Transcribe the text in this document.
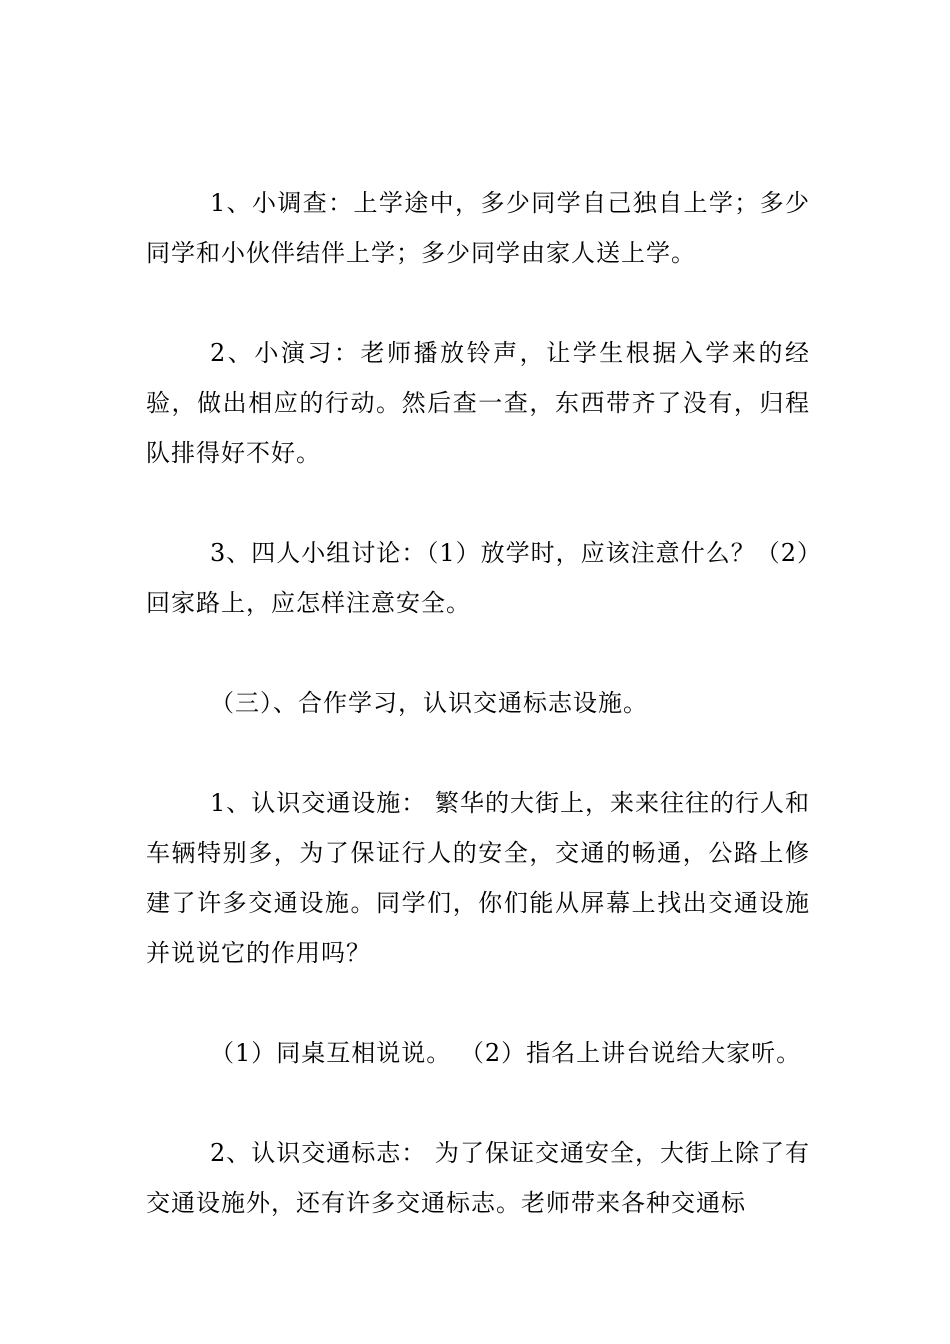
1、小调查：上学途中，多少同学自己独自上学；多少同学和小伙伴结伴上学；多少同学由家人送上学。

2、小演习：老师播放铃声，让学生根据入学来的经验，做出相应的行动。然后查一查，东西带齐了没有，归程队排得好不好。

3、四人小组讨论：（1）放学时，应该注意什么？（2）回家路上，应怎样注意安全。

（三）、合作学习，认识交通标志设施。

1、认识交通设施： 繁华的大街上，来来往往的行人和车辆特别多，为了保证行人的安全，交通的畅通，公路上修建了许多交通设施。同学们，你们能从屏幕上找出交通设施并说说它的作用吗？

（1）同桌互相说说。 （2）指名上讲台说给大家听。

2、认识交通标志： 为了保证交通安全，大街上除了有交通设施外，还有许多交通标志。老师带来各种交通标
